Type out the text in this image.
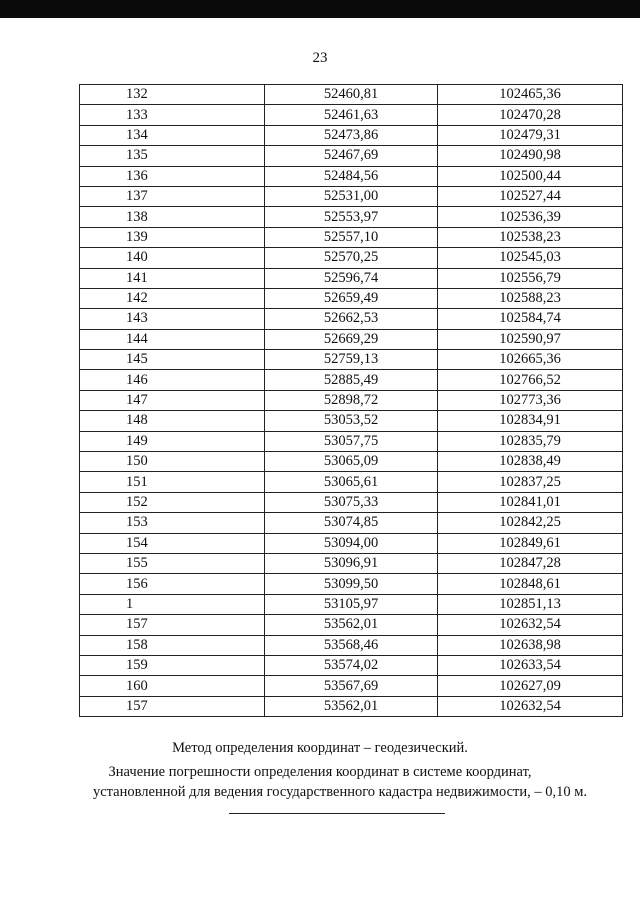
23
132	52460,81	102465,36
133	52461,63	102470,28
134	52473,86	102479,31
135	52467,69	102490,98
136	52484,56	102500,44
137	52531,00	102527,44
138	52553,97	102536,39
139	52557,10	102538,23
140	52570,25	102545,03
141	52596,74	102556,79
142	52659,49	102588,23
143	52662,53	102584,74
144	52669,29	102590,97
145	52759,13	102665,36
146	52885,49	102766,52
147	52898,72	102773,36
148	53053,52	102834,91
149	53057,75	102835,79
150	53065,09	102838,49
151	53065,61	102837,25
152	53075,33	102841,01
153	53074,85	102842,25
154	53094,00	102849,61
155	53096,91	102847,28
156	53099,50	102848,61
1	53105,97	102851,13
157	53562,01	102632,54
158	53568,46	102638,98
159	53574,02	102633,54
160	53567,69	102627,09
157	53562,01	102632,54
Метод определения координат – геодезический.
Значение погрешности определения координат в системе координат,
установленной для ведения государственного кадастра недвижимости, – 0,10 м.
